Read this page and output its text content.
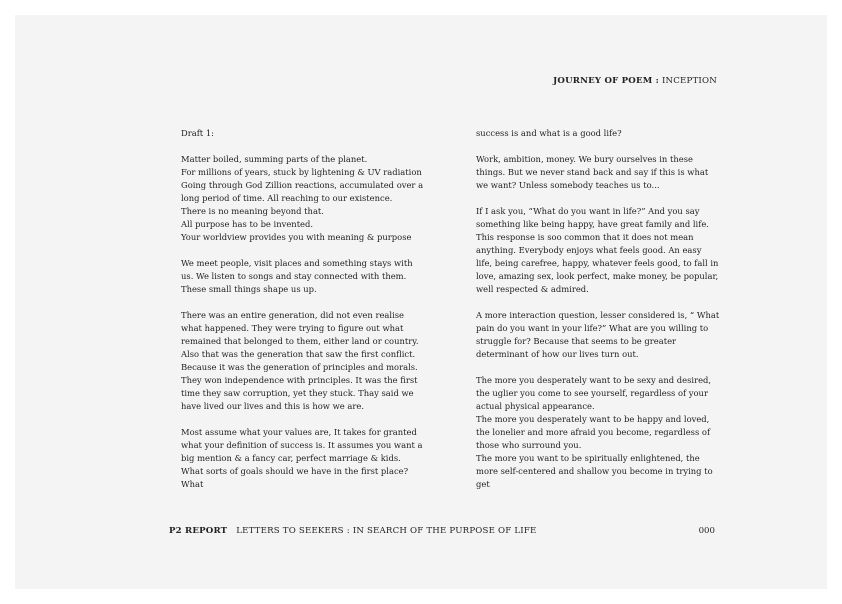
JOURNEY OF POEM : INCEPTION

Draft 1:

Matter boiled, summing parts of the planet.
For millions of years, stuck by lightening & UV radiation
Going through God Zillion reactions, accumulated over a long period of time. All reaching to our existence.
There is no meaning beyond that.
All purpose has to be invented.
Your worldview provides you with meaning & purpose

We meet people, visit places and something stays with us. We listen to songs and stay connected with them. These small things shape us up.

There was an entire generation, did not even realise what happened. They were trying to figure out what remained that belonged to them, either land or country. Also that was the generation that saw the first conflict. Because it was the generation of principles and morals. They won independence with principles. It was the first time they saw corruption, yet they stuck. Thay said we have lived our lives and this is how we are.

Most assume what your values are, It takes for granted what your definition of success is. It assumes you want a big mention & a fancy car, perfect marriage & kids. What sorts of goals should we have in the first place? What

success is and what is a good life?

Work, ambition, money. We bury ourselves in these things. But we never stand back and say if this is what we want? Unless somebody teaches us to...

If I ask you, “What do you want in life?” And you say something like being happy, have great family and life. This response is soo common that it does not mean anything. Everybody enjoys what feels good. An easy life, being carefree, happy, whatever feels good, to fall in love, amazing sex, look perfect, make money, be popular, well respected & admired.

A more interaction question, lesser considered is, “ What pain do you want in your life?” What are you willing to struggle for? Because that seems to be greater determinant of how our lives turn out.

The more you desperately want to be sexy and desired, the uglier you come to see yourself, regardless of your actual physical appearance.
The more you desperately want to be happy and loved, the lonelier and more afraid you become, regardless of those who surround you.
The more you want to be spiritually enlightened, the more self-centered and shallow you become in trying to get

P2 REPORT LETTERS TO SEEKERS : IN SEARCH OF THE PURPOSE OF LIFE	000
